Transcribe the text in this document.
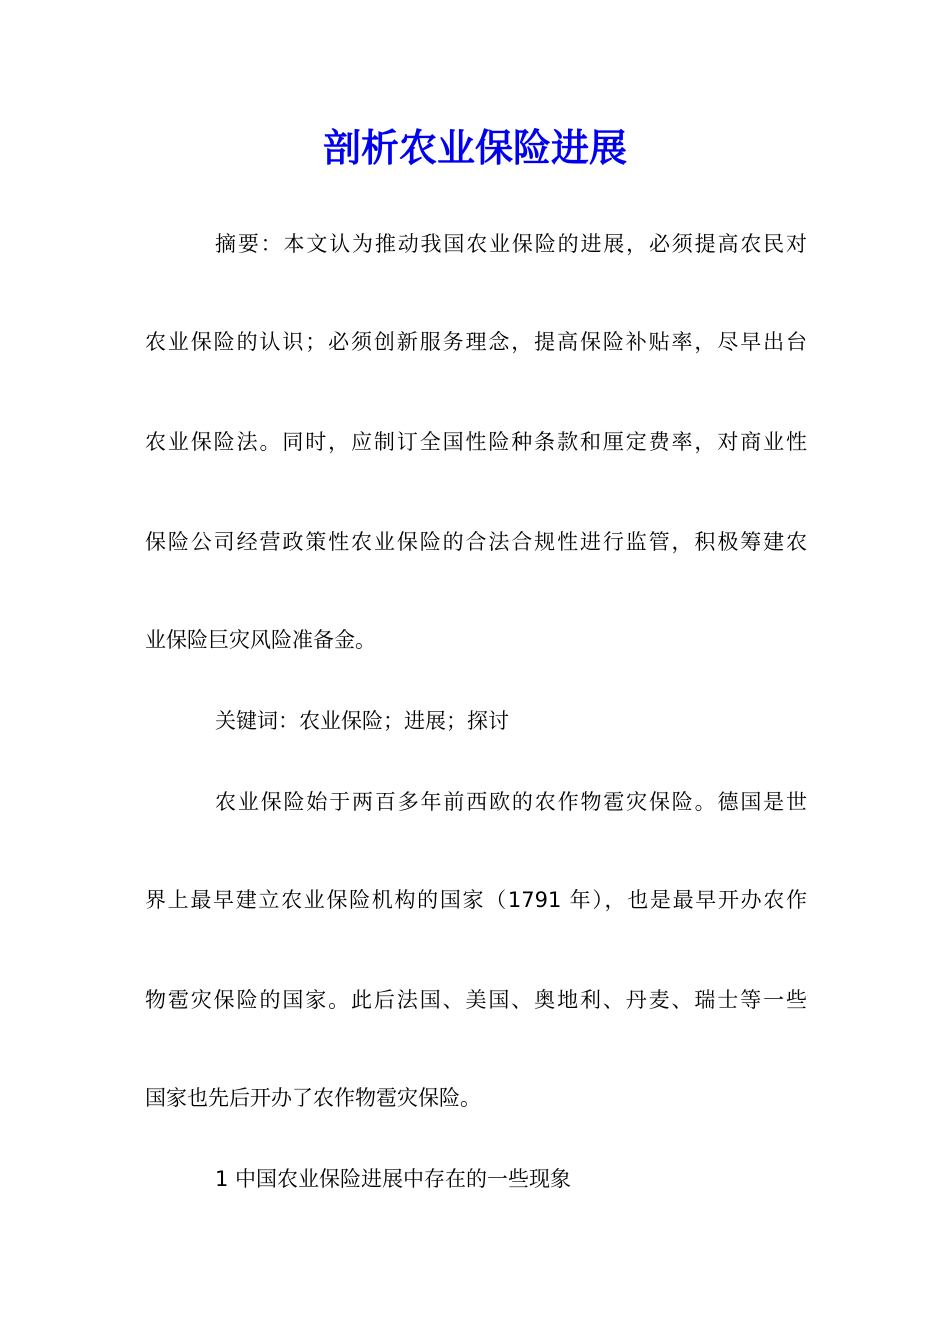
剖析农业保险进展

摘要：本文认为推动我国农业保险的进展，必须提高农民对

农业保险的认识；必须创新服务理念，提高保险补贴率，尽早出台

农业保险法。同时，应制订全国性险种条款和厘定费率，对商业性

保险公司经营政策性农业保险的合法合规性进行监管，积极筹建农

业保险巨灾风险准备金。

关键词：农业保险；进展；探讨

农业保险始于两百多年前西欧的农作物雹灾保险。德国是世

界上最早建立农业保险机构的国家（1791 年），也是最早开办农作

物雹灾保险的国家。此后法国、美国、奥地利、丹麦、瑞士等一些

国家也先后开办了农作物雹灾保险。

1 中国农业保险进展中存在的一些现象
